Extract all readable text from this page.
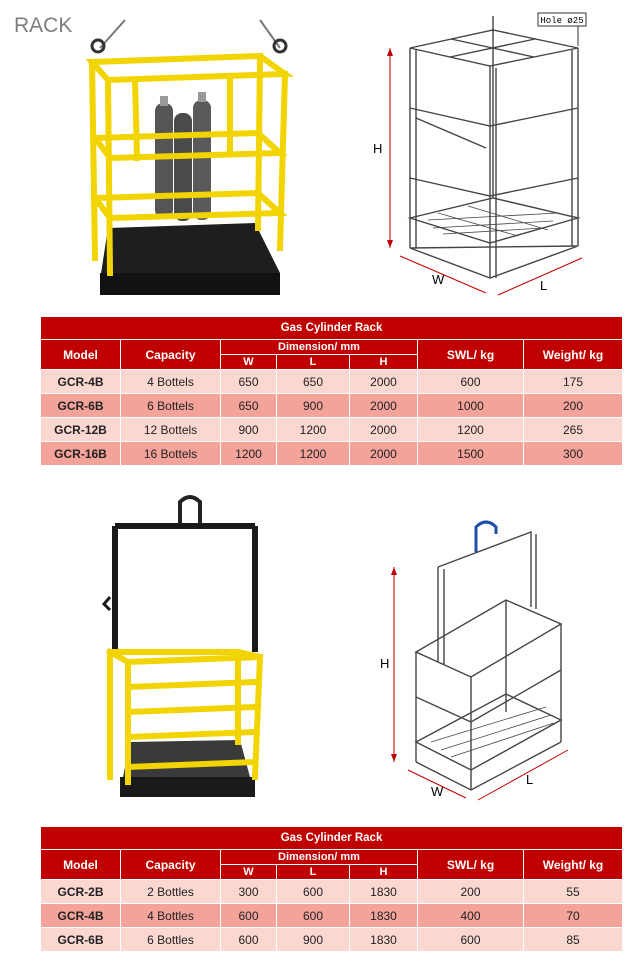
RACK	Hole ø25
H
W	L
Gas Cylinder Rack						
Model	Capacity	Dimension/ mm			SWL/ kg	Weight/ kg
		W	L	H		
GCR-4B	4 Bottels	650	650	2000	600	175
GCR-6B	6 Bottels	650	900	2000	1000	200
GCR-12B	12 Bottels	900	1200	2000	1200	265
GCR-16B	16 Bottels	1200	1200	2000	1500	300
H
W
L
Gas Cylinder Rack						
Model	Capacity	Dimension/ mm			SWL/ kg	Weight/ kg
		W	L	H		
GCR-2B	2 Bottles	300	600	1830	200	55
GCR-4B	4 Bottles	600	600	1830	400	70
GCR-6B	6 Bottles	600	900	1830	600	85
